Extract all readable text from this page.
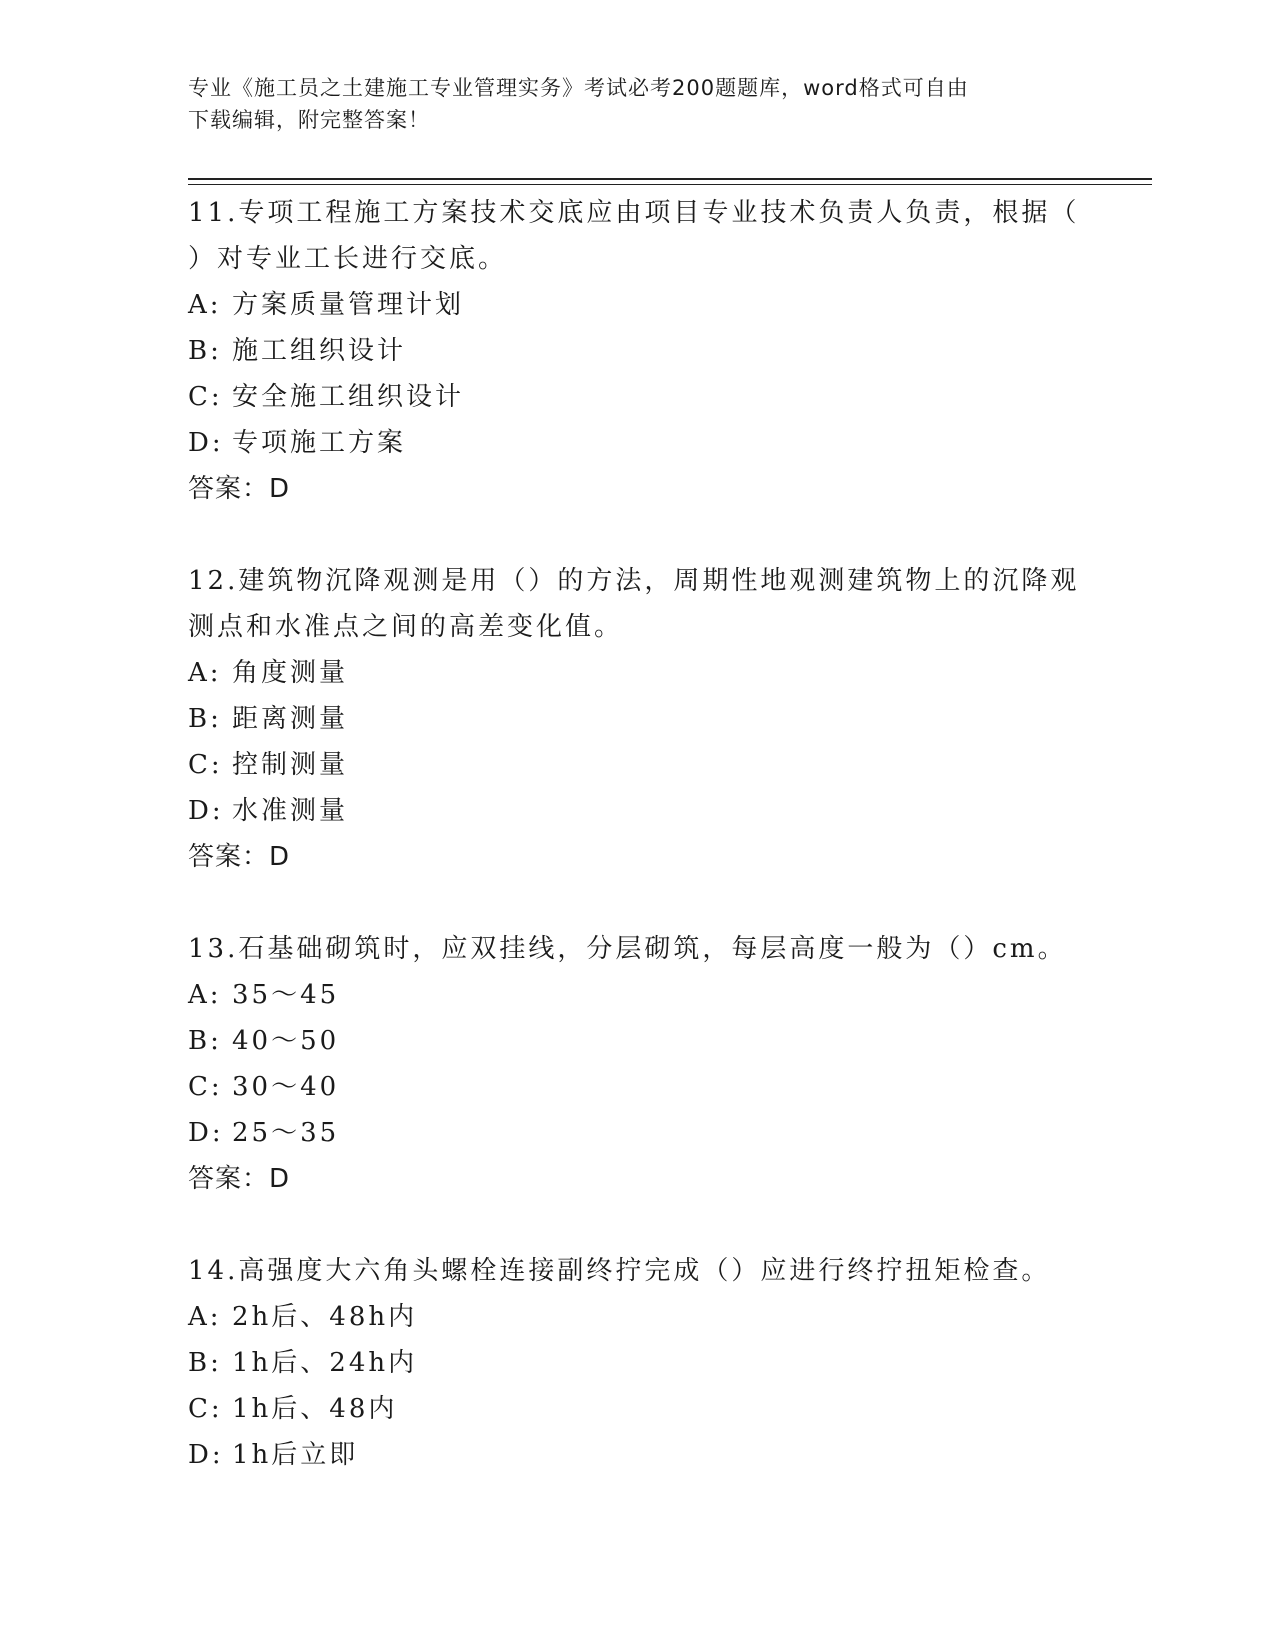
专业《施工员之土建施工专业管理实务》考试必考200题题库，word格式可自由
下载编辑，附完整答案！
11.专项工程施工方案技术交底应由项目专业技术负责人负责，根据（
）对专业工长进行交底。
A: 方案质量管理计划
B: 施工组织设计
C: 安全施工组织设计
D: 专项施工方案
答案：D
12.建筑物沉降观测是用（）的方法，周期性地观测建筑物上的沉降观
测点和水准点之间的高差变化值。
A: 角度测量
B: 距离测量
C: 控制测量
D: 水准测量
答案：D
13.石基础砌筑时，应双挂线，分层砌筑，每层高度一般为（）cm。
A: 35～45
B: 40～50
C: 30～40
D: 25～35
答案：D
14.高强度大六角头螺栓连接副终拧完成（）应进行终拧扭矩检查。
A: 2h后、48h内
B: 1h后、24h内
C: 1h后、48内
D: 1h后立即
